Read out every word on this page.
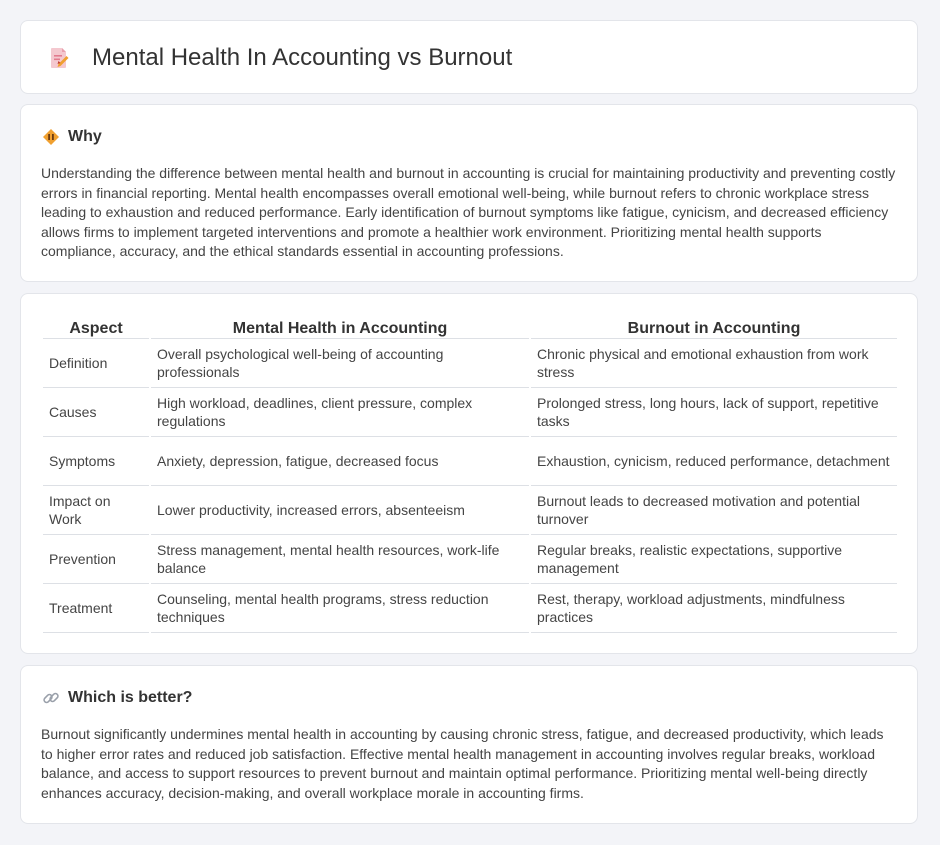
Mental Health In Accounting vs Burnout
Why

Understanding the difference between mental health and burnout in accounting is crucial for maintaining productivity and preventing costly errors in financial reporting. Mental health encompasses overall emotional well-being, while burnout refers to chronic workplace stress leading to exhaustion and reduced performance. Early identification of burnout symptoms like fatigue, cynicism, and decreased efficiency allows firms to implement targeted interventions and promote a healthier work environment. Prioritizing mental health supports compliance, accuracy, and the ethical standards essential in accounting professions.

Aspect	Mental Health in Accounting	Burnout in Accounting
Definition	Overall psychological well-being of accounting professionals	Chronic physical and emotional exhaustion from work stress
Causes	High workload, deadlines, client pressure, complex regulations	Prolonged stress, long hours, lack of support, repetitive tasks
Symptoms	Anxiety, depression, fatigue, decreased focus	Exhaustion, cynicism, reduced performance, detachment
Impact on Work	Lower productivity, increased errors, absenteeism	Burnout leads to decreased motivation and potential turnover
Prevention	Stress management, mental health resources, work-life balance	Regular breaks, realistic expectations, supportive management
Treatment	Counseling, mental health programs, stress reduction techniques	Rest, therapy, workload adjustments, mindfulness practices
Which is better?

Burnout significantly undermines mental health in accounting by causing chronic stress, fatigue, and decreased productivity, which leads to higher error rates and reduced job satisfaction. Effective mental health management in accounting involves regular breaks, workload balance, and access to support resources to prevent burnout and maintain optimal performance. Prioritizing mental well-being directly enhances accuracy, decision-making, and overall workplace morale in accounting firms.
